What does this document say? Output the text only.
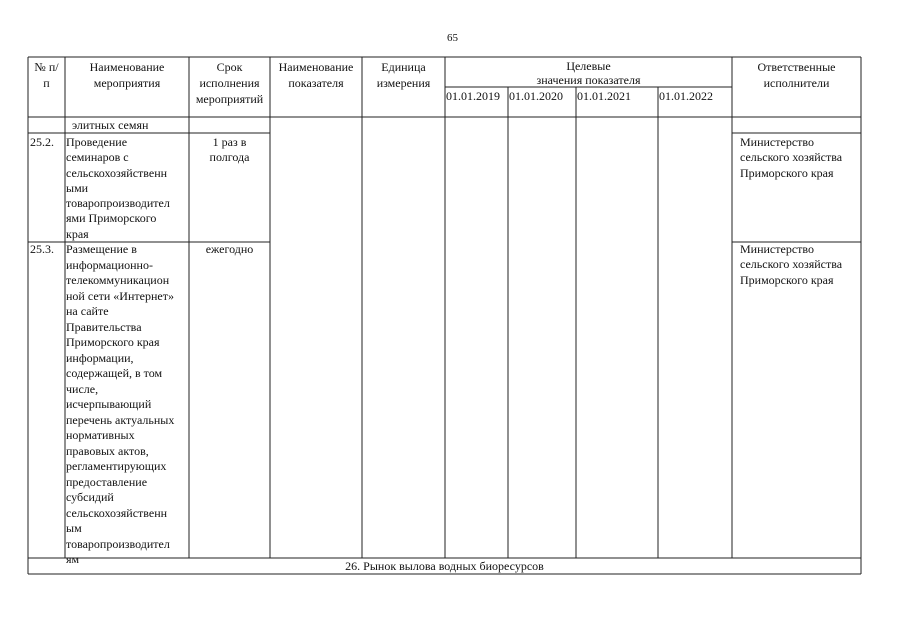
65
№ п/
п
Наименование
мероприятия
Срок
исполнения
мероприятий
Наименование
показателя
Единица
измерения
Целевые
значения показателя
01.01.2019 01.01.2020 01.01.2021 01.01.2022
Ответственные
исполнители
элитных семян
25.2. Проведение
семинаров с
сельскохозяйственн
ыми
товаропроизводител
ями Приморского
края
1 раз в
полгода
Министерство
сельского хозяйства
Приморского края
25.3. Размещение в
информационно-
телекоммуникацион
ной сети «Интернет»
на сайте
Правительства
Приморского края
информации,
содержащей, в том
числе,
исчерпывающий
перечень актуальных
нормативных
правовых актов,
регламентирующих
предоставление
субсидий
сельскохозяйственн
ым
товаропроизводител
ям
ежегодно	Министерство
сельского хозяйства
Приморского края
26. Рынок вылова водных биоресурсов
